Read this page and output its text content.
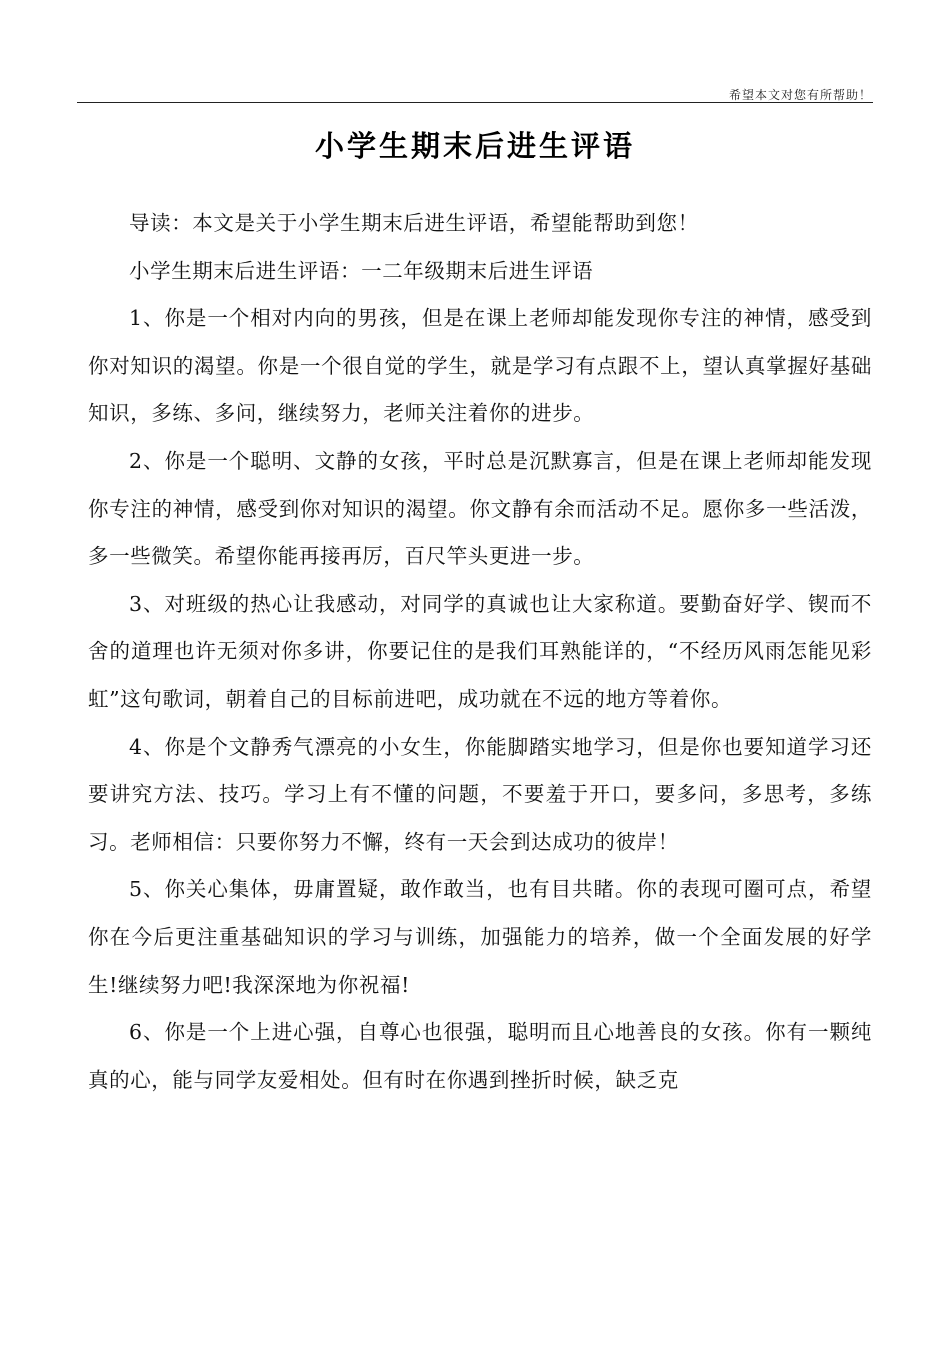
希望本文对您有所帮助！
小学生期末后进生评语

导读：本文是关于小学生期末后进生评语，希望能帮助到您！

小学生期末后进生评语：一二年级期末后进生评语

1、你是一个相对内向的男孩，但是在课上老师却能发现你专注的神情，感受到你对知识的渴望。你是一个很自觉的学生，就是学习有点跟不上，望认真掌握好基础知识，多练、多问，继续努力，老师关注着你的进步。

2、你是一个聪明、文静的女孩，平时总是沉默寡言，但是在课上老师却能发现你专注的神情，感受到你对知识的渴望。你文静有余而活动不足。愿你多一些活泼，多一些微笑。希望你能再接再厉，百尺竿头更进一步。

3、对班级的热心让我感动，对同学的真诚也让大家称道。要勤奋好学、锲而不舍的道理也许无须对你多讲，你要记住的是我们耳熟能详的，“不经历风雨怎能见彩虹”这句歌词，朝着自己的目标前进吧，成功就在不远的地方等着你。

4、你是个文静秀气漂亮的小女生，你能脚踏实地学习，但是你也要知道学习还要讲究方法、技巧。学习上有不懂的问题，不要羞于开口，要多问，多思考，多练习。老师相信：只要你努力不懈，终有一天会到达成功的彼岸！

5、你关心集体，毋庸置疑，敢作敢当，也有目共睹。你的表现可圈可点，希望你在今后更注重基础知识的学习与训练，加强能力的培养，做一个全面发展的好学生!继续努力吧!我深深地为你祝福!

6、你是一个上进心强，自尊心也很强，聪明而且心地善良的女孩。你有一颗纯真的心，能与同学友爱相处。但有时在你遇到挫折时候，缺乏克
